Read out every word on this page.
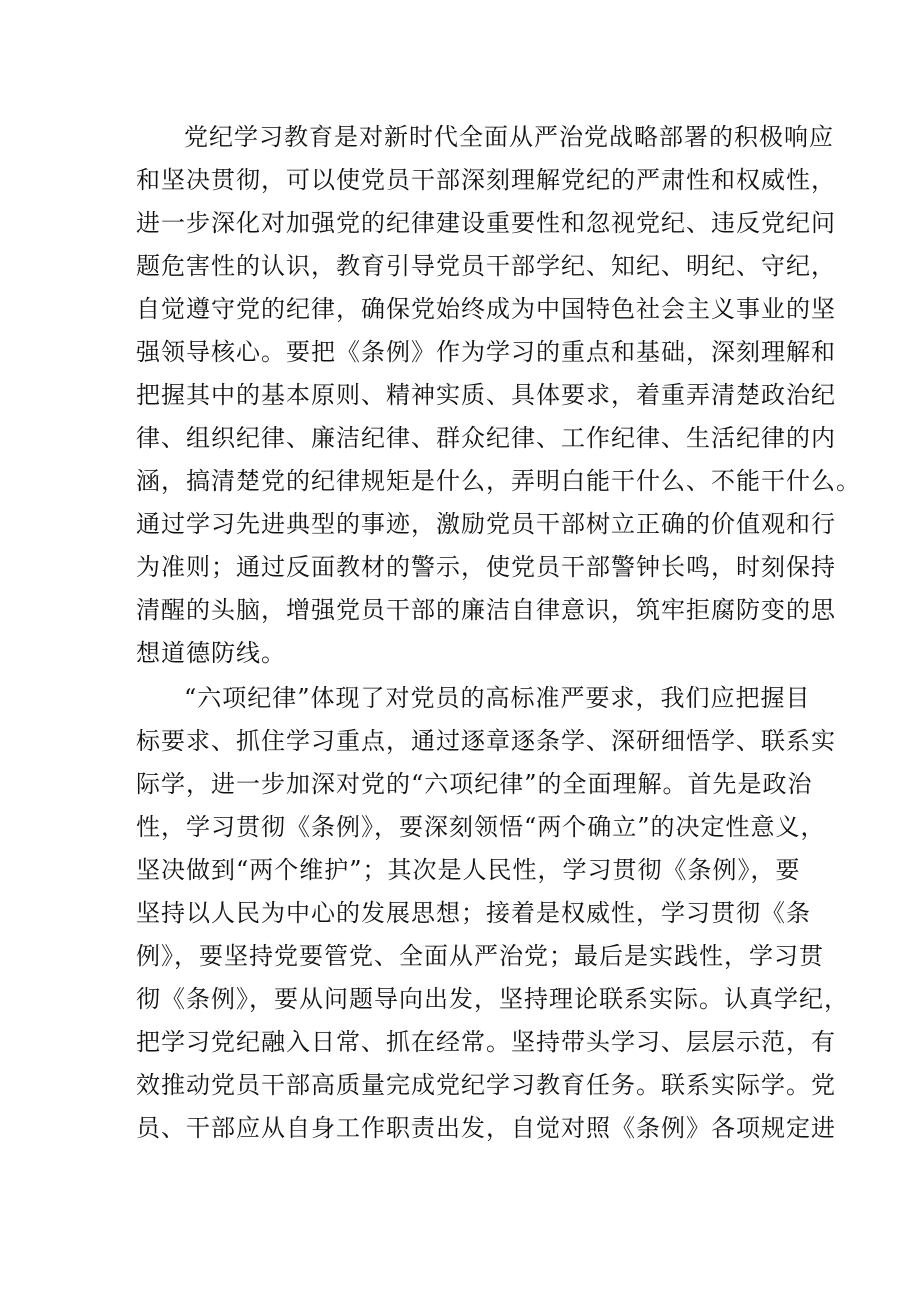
党纪学习教育是对新时代全面从严治党战略部署的积极响应
和坚决贯彻，可以使党员干部深刻理解党纪的严肃性和权威性，
进一步深化对加强党的纪律建设重要性和忽视党纪、违反党纪问
题危害性的认识，教育引导党员干部学纪、知纪、明纪、守纪，
自觉遵守党的纪律，确保党始终成为中国特色社会主义事业的坚
强领导核心。要把《条例》作为学习的重点和基础，深刻理解和
把握其中的基本原则、精神实质、具体要求，着重弄清楚政治纪
律、组织纪律、廉洁纪律、群众纪律、工作纪律、生活纪律的内
涵，搞清楚党的纪律规矩是什么，弄明白能干什么、不能干什么。
通过学习先进典型的事迹，激励党员干部树立正确的价值观和行
为准则；通过反面教材的警示，使党员干部警钟长鸣，时刻保持
清醒的头脑，增强党员干部的廉洁自律意识，筑牢拒腐防变的思
想道德防线。
“六项纪律”体现了对党员的高标准严要求，我们应把握目
标要求、抓住学习重点，通过逐章逐条学、深研细悟学、联系实
际学，进一步加深对党的“六项纪律”的全面理解。首先是政治
性，学习贯彻《条例》，要深刻领悟“两个确立”的决定性意义，
坚决做到“两个维护”；其次是人民性，学习贯彻《条例》，要
坚持以人民为中心的发展思想；接着是权威性，学习贯彻《条
例》，要坚持党要管党、全面从严治党；最后是实践性，学习贯
彻《条例》，要从问题导向出发，坚持理论联系实际。认真学纪，
把学习党纪融入日常、抓在经常。坚持带头学习、层层示范，有
效推动党员干部高质量完成党纪学习教育任务。联系实际学。党
员、干部应从自身工作职责出发，自觉对照《条例》各项规定进
